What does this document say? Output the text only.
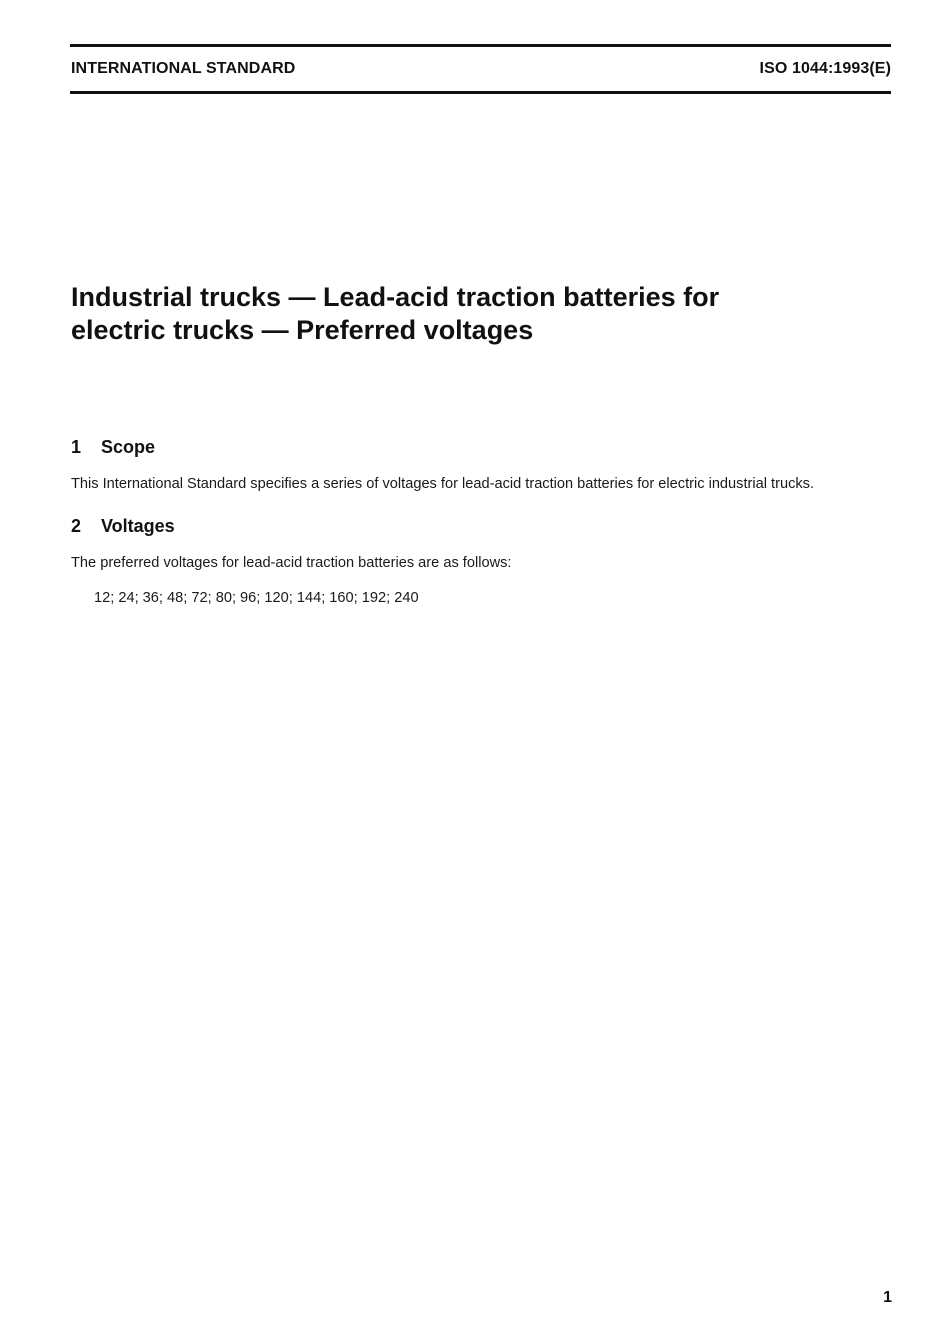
INTERNATIONAL STANDARD	ISO 1044:1993(E)
Industrial trucks — Lead-acid traction batteries for
electric trucks — Preferred voltages
1 Scope

This International Standard specifies a series of voltages for lead-acid traction batteries for electric industrial trucks.

2 Voltages

The preferred voltages for lead-acid traction batteries are as follows:

12; 24; 36; 48; 72; 80; 96; 120; 144; 160; 192; 240

1
